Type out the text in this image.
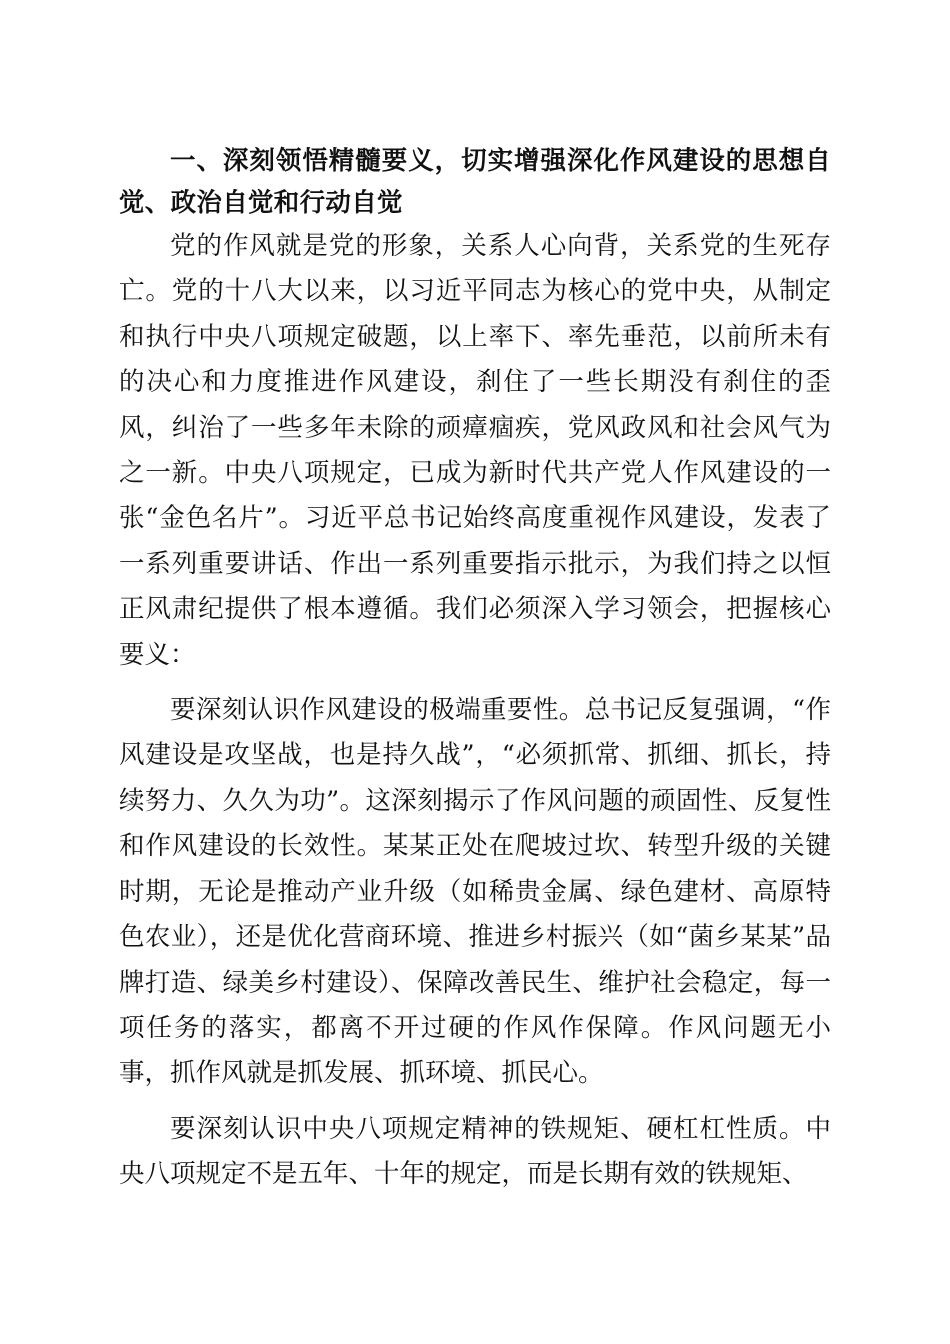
一、深刻领悟精髓要义，切实增强深化作风建设的思想自觉、政治自觉和行动自觉

党的作风就是党的形象，关系人心向背，关系党的生死存亡。党的十八大以来，以习近平同志为核心的党中央，从制定和执行中央八项规定破题，以上率下、率先垂范，以前所未有的决心和力度推进作风建设，刹住了一些长期没有刹住的歪风，纠治了一些多年未除的顽瘴痼疾，党风政风和社会风气为之一新。中央八项规定，已成为新时代共产党人作风建设的一张“金色名片”。习近平总书记始终高度重视作风建设，发表了一系列重要讲话、作出一系列重要指示批示，为我们持之以恒正风肃纪提供了根本遵循。我们必须深入学习领会，把握核心要义：

要深刻认识作风建设的极端重要性。总书记反复强调，“作风建设是攻坚战，也是持久战”，“必须抓常、抓细、抓长，持续努力、久久为功”。这深刻揭示了作风问题的顽固性、反复性和作风建设的长效性。某某正处在爬坡过坎、转型升级的关键时期，无论是推动产业升级（如稀贵金属、绿色建材、高原特色农业），还是优化营商环境、推进乡村振兴（如“菌乡某某”品牌打造、绿美乡村建设）、保障改善民生、维护社会稳定，每一项任务的落实，都离不开过硬的作风作保障。作风问题无小事，抓作风就是抓发展、抓环境、抓民心。

要深刻认识中央八项规定精神的铁规矩、硬杠杠性质。中央八项规定不是五年、十年的规定，而是长期有效的铁规矩、
